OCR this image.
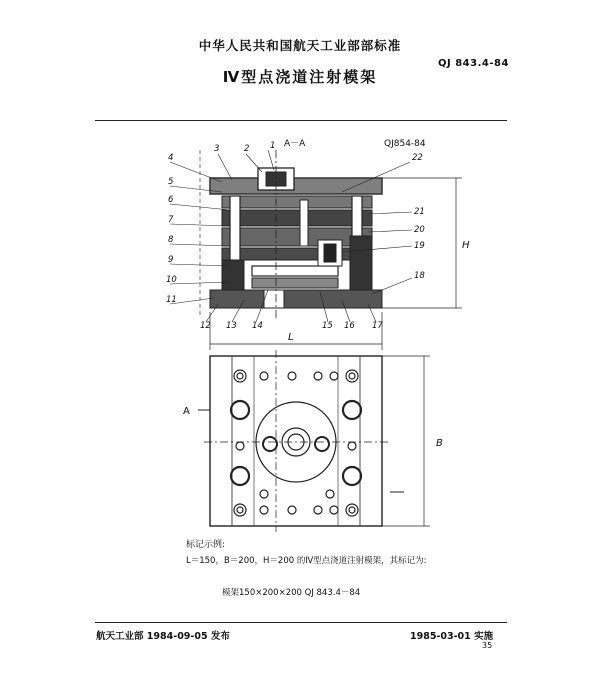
中华人民共和国航天工业部部标准
QJ 843.4-84
Ⅳ型点浇道注射模架
A－A	QJ854-84
A
L
B
H
1
2
3
4
5
6
7
8
9
10
11
12 13 14	15 16 17
18
19
20
21
22
标记示例:
L＝150，B＝200，H＝200 的Ⅳ型点浇道注射模架，其标记为:
模架150×200×200 QJ 843.4－84
航天工业部 1984-09-05 发布	1985-03-01 实施
35
